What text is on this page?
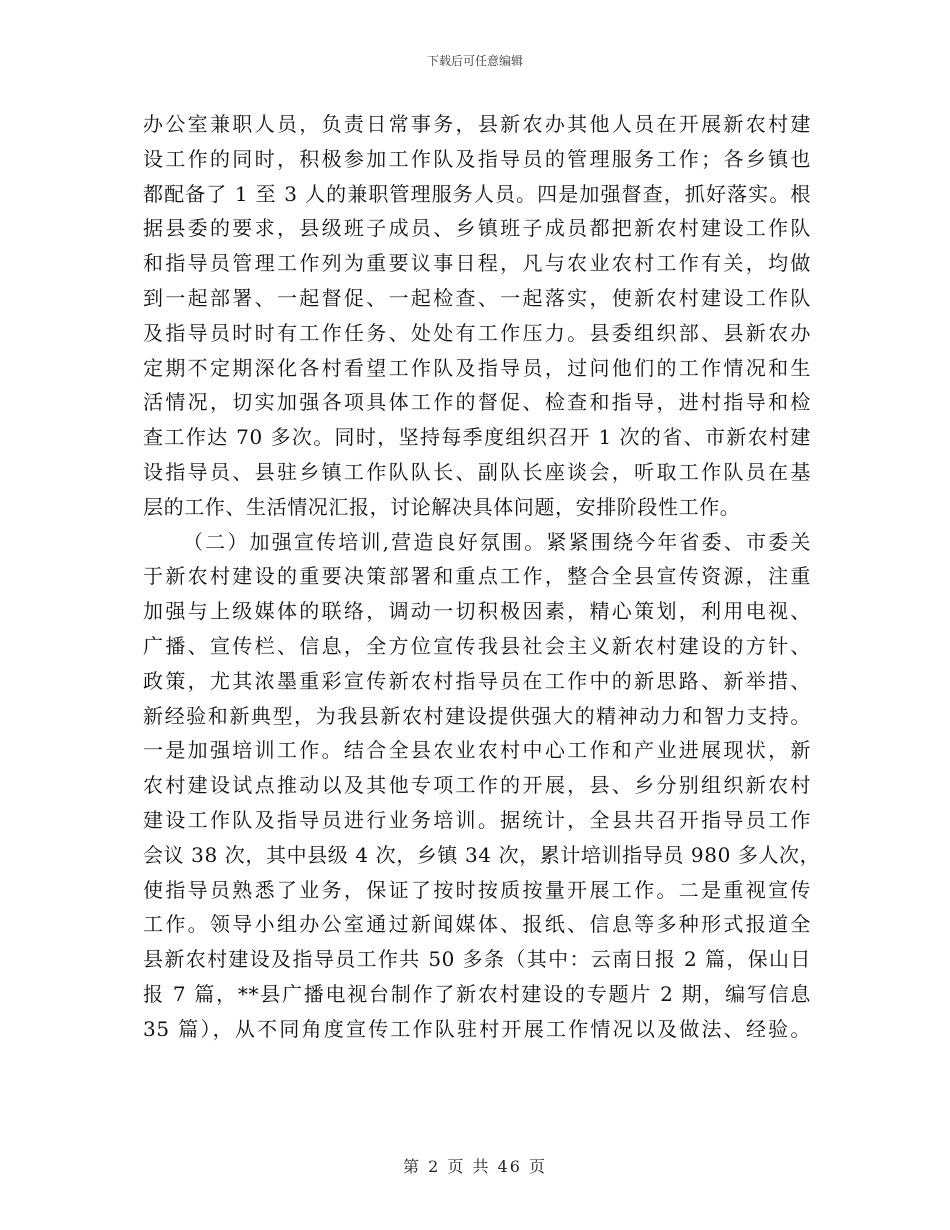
下载后可任意编辑
办公室兼职人员，负责日常事务，县新农办其他人员在开展新农村建
设工作的同时，积极参加工作队及指导员的管理服务工作；各乡镇也
都配备了 1 至 3 人的兼职管理服务人员。四是加强督查，抓好落实。根
据县委的要求，县级班子成员、乡镇班子成员都把新农村建设工作队
和指导员管理工作列为重要议事日程，凡与农业农村工作有关，均做
到一起部署、一起督促、一起检查、一起落实，使新农村建设工作队
及指导员时时有工作任务、处处有工作压力。县委组织部、县新农办
定期不定期深化各村看望工作队及指导员，过问他们的工作情况和生
活情况，切实加强各项具体工作的督促、检查和指导，进村指导和检
查工作达 70 多次。同时，坚持每季度组织召开 1 次的省、市新农村建
设指导员、县驻乡镇工作队队长、副队长座谈会，听取工作队员在基
层的工作、生活情况汇报，讨论解决具体问题，安排阶段性工作。
（二）加强宣传培训,营造良好氛围。紧紧围绕今年省委、市委关
于新农村建设的重要决策部署和重点工作，整合全县宣传资源，注重
加强与上级媒体的联络，调动一切积极因素，精心策划，利用电视、
广播、宣传栏、信息，全方位宣传我县社会主义新农村建设的方针、
政策，尤其浓墨重彩宣传新农村指导员在工作中的新思路、新举措、
新经验和新典型，为我县新农村建设提供强大的精神动力和智力支持。
一是加强培训工作。结合全县农业农村中心工作和产业进展现状，新
农村建设试点推动以及其他专项工作的开展，县、乡分别组织新农村
建设工作队及指导员进行业务培训。据统计，全县共召开指导员工作
会议 38 次，其中县级 4 次，乡镇 34 次，累计培训指导员 980 多人次，
使指导员熟悉了业务，保证了按时按质按量开展工作。二是重视宣传
工作。领导小组办公室通过新闻媒体、报纸、信息等多种形式报道全
县新农村建设及指导员工作共 50 多条（其中：云南日报 2 篇，保山日
报 7 篇，**县广播电视台制作了新农村建设的专题片 2 期，编写信息
35 篇），从不同角度宣传工作队驻村开展工作情况以及做法、经验。
第 2 页 共 46 页
